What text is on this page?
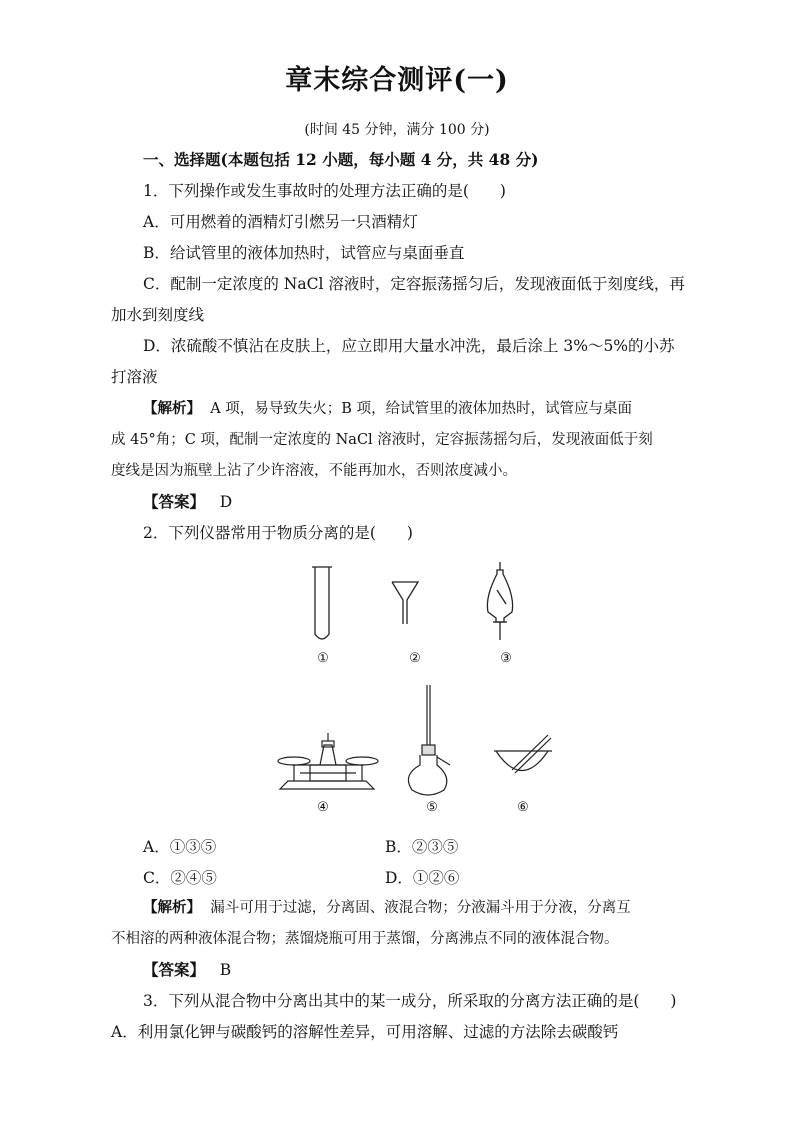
章末综合测评(一)
(时间 45 分钟，满分 100 分)
一、选择题(本题包括 12 小题，每小题 4 分，共 48 分)
1．下列操作或发生事故时的处理方法正确的是(　　)
A．可用燃着的酒精灯引燃另一只酒精灯
B．给试管里的液体加热时，试管应与桌面垂直
C．配制一定浓度的 NaCl 溶液时，定容振荡摇匀后，发现液面低于刻度线，再
加水到刻度线
D．浓硫酸不慎沾在皮肤上，应立即用大量水冲洗，最后涂上 3%～5%的小苏
打溶液
【解析】 A 项，易导致失火；B 项，给试管里的液体加热时，试管应与桌面
成 45°角；C 项，配制一定浓度的 NaCl 溶液时，定容振荡摇匀后，发现液面低于刻
度线是因为瓶壁上沾了少许溶液，不能再加水，否则浓度减小。
【答案】 D
2．下列仪器常用于物质分离的是(　　)
①	②	③
④	⑤	⑥
A．①③⑤	B．②③⑤
C．②④⑤	D．①②⑥
【解析】 漏斗可用于过滤，分离固、液混合物；分液漏斗用于分液，分离互
不相溶的两种液体混合物；蒸馏烧瓶可用于蒸馏，分离沸点不同的液体混合物。
【答案】 B
3．下列从混合物中分离出其中的某一成分，所采取的分离方法正确的是(　　)
A．利用氯化钾与碳酸钙的溶解性差异，可用溶解、过滤的方法除去碳酸钙
